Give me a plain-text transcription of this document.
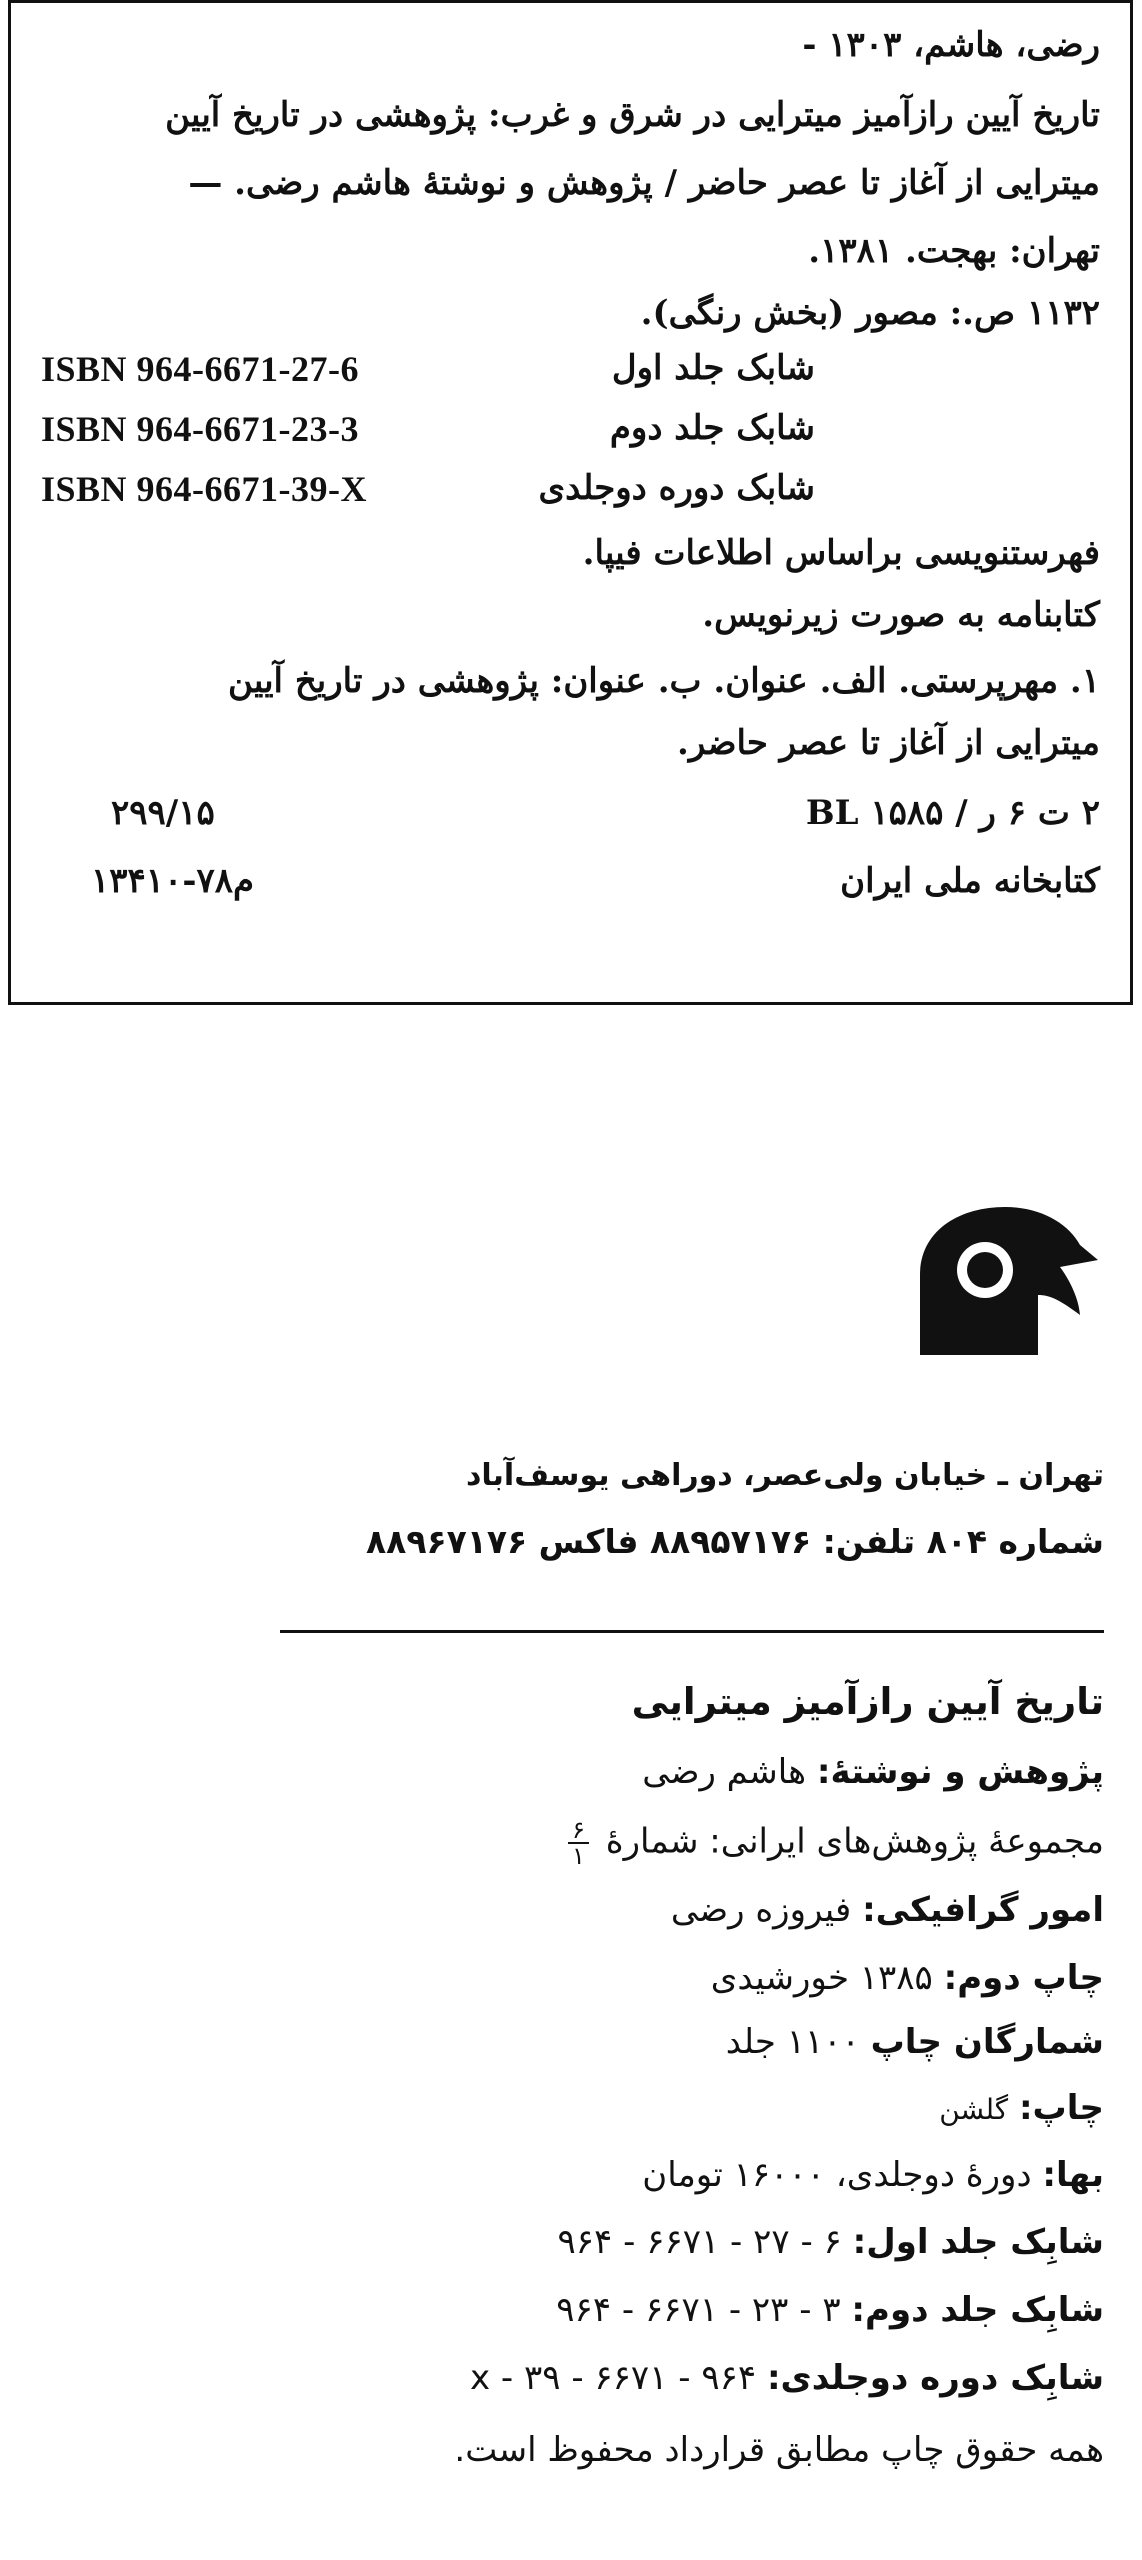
رضی، هاشم، ۱۳۰۳ -
تاریخ آیین رازآمیز میترایی در شرق و غرب: پژوهشی در تاریخ آیین
میترایی از آغاز تا عصر حاضر / پژوهش و نوشتهٔ هاشم رضی. —
تهران: بهجت. ۱۳۸۱.
۱۱۳۲ ص.: مصور (بخش رنگی).
ISBN 964-6671-27-6	شابک جلد اول
ISBN 964-6671-23-3	شابک جلد دوم
ISBN 964-6671-39-X	شابک دوره دوجلدی
فهرستنویسی براساس اطلاعات فیپا.
کتابنامه به صورت زیرنویس.
۱. مهرپرستی. الف. عنوان. ب. عنوان: پژوهشی در تاریخ آیین
میترایی از آغاز تا عصر حاضر.
۲ ت ۶ ر / BL ۱۵۸۵
۲۹۹/۱۵
کتابخانه ملی ایران
م۷۸-۱۳۴۱۰
تهران ـ خیابان ولی‌عصر، دوراهی یوسف‌آباد
شماره ۸۰۴ تلفن: ۸۸۹۵۷۱۷۶ فاکس ۸۸۹۶۷۱۷۶
تاریخ آیین رازآمیز میترایی
پژوهش و نوشتهٔ: هاشم رضی
مجموعهٔ پژوهش‌های ایرانی: شمارهٔ
$\frac{۶}{۱}$
امور گرافیکی: فیروزه رضی
چاپ دوم: ۱۳۸۵ خورشیدی
شمارگان چاپ ۱۱۰۰ جلد
چاپ: گلشن
بها: دورهٔ دوجلدی، ۱۶۰۰۰ تومان
شابِک جلد اول: ۶ - ۲۷ - ۶۶۷۱ - ۹۶۴
شابِک جلد دوم: ۳ - ۲۳ - ۶۶۷۱ - ۹۶۴
شابِک دوره دوجلدی: x - ۳۹ - ۶۶۷۱ - ۹۶۴
همه حقوق چاپ مطابق قرارداد محفوظ است.
